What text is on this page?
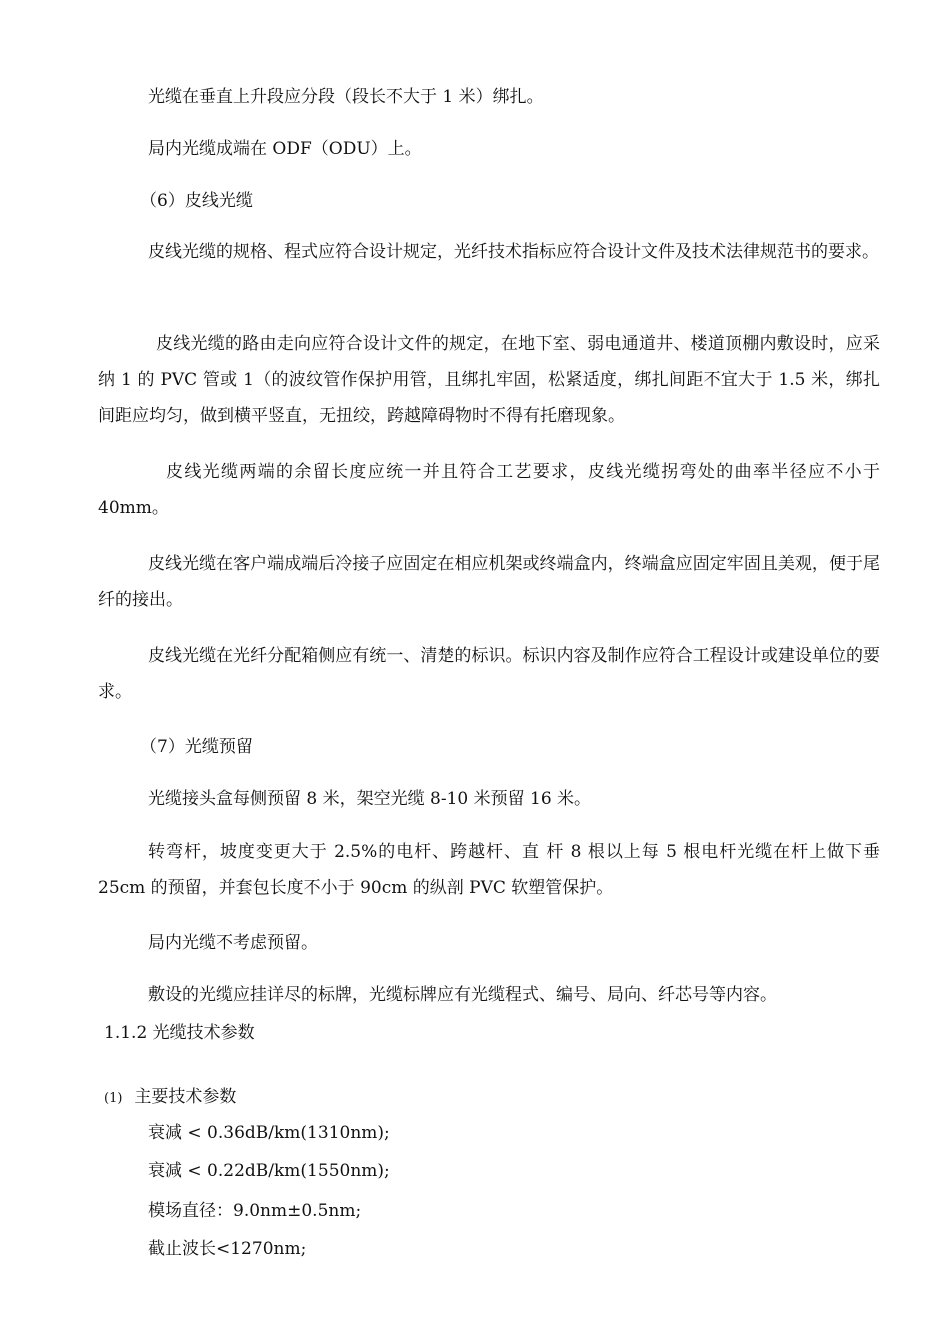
光缆在垂直上升段应分段（段长不大于 1 米）绑扎。
局内光缆成端在 ODF（ODU）上。
（6）皮线光缆
皮线光缆的规格、程式应符合设计规定，光纤技术指标应符合设计文件及技术法律规范书的要求。
皮线光缆的路由走向应符合设计文件的规定，在地下室、弱电通道井、楼道顶棚内敷设时，应采纳 1 的 PVC 管或 1（的波纹管作保护用管，且绑扎牢固，松紧适度，绑扎间距不宜大于 1.5 米，绑扎间距应均匀，做到横平竖直，无扭绞，跨越障碍物时不得有托磨现象。
皮线光缆两端的余留长度应统一并且符合工艺要求，皮线光缆拐弯处的曲率半径应不小于 40mm。
皮线光缆在客户端成端后冷接子应固定在相应机架或终端盒内，终端盒应固定牢固且美观，便于尾纤的接出。
皮线光缆在光纤分配箱侧应有统一、清楚的标识。标识内容及制作应符合工程设计或建设单位的要求。
（7）光缆预留
光缆接头盒每侧预留 8 米，架空光缆 8-10 米预留 16 米。
转弯杆，坡度变更大于 2.5%的电杆、跨越杆、直 杆 8 根以上每 5 根电杆光缆在杆上做下垂 25cm 的预留，并套包长度不小于 90cm 的纵剖 PVC 软塑管保护。
局内光缆不考虑预留。
敷设的光缆应挂详尽的标牌，光缆标牌应有光缆程式、编号、局向、纤芯号等内容。
1.1.2 光缆技术参数
(1) 主要技术参数
衰减 < 0.36dB/km(1310nm);
衰减 < 0.22dB/km(1550nm);
模场直径：9.0nm±0.5nm;
截止波长<1270nm;
